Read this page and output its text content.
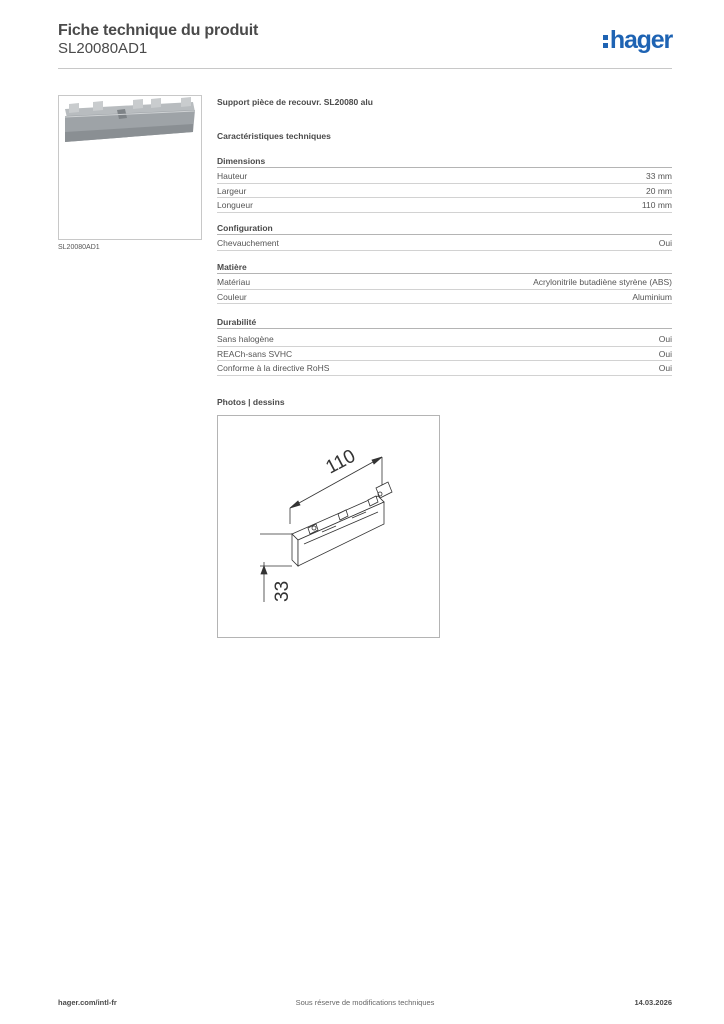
Fiche technique du produit
SL20080AD1	hager
SL20080AD1
Support pièce de recouvr. SL20080 alu
Caractéristiques techniques
Dimensions
Hauteur	33 mm
Largeur	20 mm
Longueur	110 mm
Configuration
Chevauchement	Oui
Matière
Matériau	Acrylonitrile butadiène styrène (ABS)
Couleur	Aluminium
Durabilité
Sans halogène	Oui
REACh-sans SVHC	Oui
Conforme à la directive RoHS	Oui
Photos | dessins
110
33
hager.com/intl-fr	Sous réserve de modifications techniques	14.03.2026
